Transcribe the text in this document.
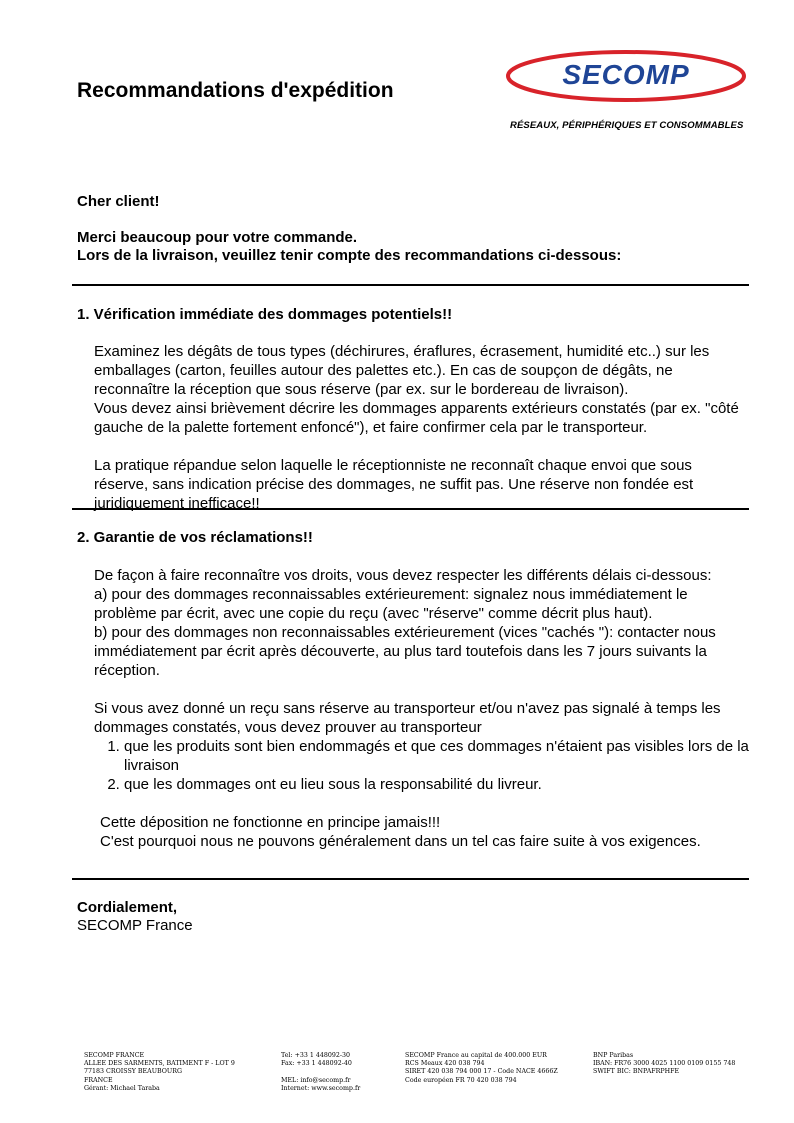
Recommandations d'expédition
SECOMP
RÉSEAUX, PÉRIPHÉRIQUES ET CONSOMMABLES
Cher client!
Merci beaucoup pour votre commande.
Lors de la livraison, veuillez tenir compte des recommandations ci-dessous:
1. Vérification immédiate des dommages potentiels!!

Examinez les dégâts de tous types (déchirures, éraflures, écrasement, humidité etc..) sur les emballages (carton, feuilles autour des palettes etc.). En cas de soupçon de dégâts, ne reconnaître la réception que sous réserve (par ex. sur le bordereau de livraison).

Vous devez ainsi brièvement décrire les dommages apparents extérieurs constatés (par ex. "côté gauche de la palette fortement enfoncé"), et faire confirmer cela par le transporteur.

La pratique répandue selon laquelle le réceptionniste ne reconnaît chaque envoi que sous réserve, sans indication précise des dommages, ne suffit pas. Une réserve non fondée est juridiquement inefficace!!

2. Garantie de vos réclamations!!

De façon à faire reconnaître vos droits, vous devez respecter les différents délais ci-dessous:

a) pour des dommages reconnaissables extérieurement: signalez nous immédiatement le problème par écrit, avec une copie du reçu (avec "réserve" comme décrit plus haut).

b) pour des dommages non reconnaissables extérieurement (vices "cachés "): contacter nous immédiatement par écrit après découverte, au plus tard toutefois dans les 7 jours suivants la réception.

Si vous avez donné un reçu sans réserve au transporteur et/ou n'avez pas signalé à temps les dommages constatés, vous devez prouver au transporteur

1. que les produits sont bien endommagés et que ces dommages n'étaient pas visibles lors de la livraison
2. que les dommages ont eu lieu sous la responsabilité du livreur.

Cette déposition ne fonctionne en principe jamais!!!

C'est pourquoi nous ne pouvons généralement dans un tel cas faire suite à vos exigences.

Cordialement,
SECOMP France
SECOMP FRANCE
ALLEE DES SARMENTS, BATIMENT F - LOT 9
77183 CROISSY BEAUBOURG
FRANCE
Gérant: Michael Taraba
Tel: +33 1 448092-30
Fax: +33 1 448092-40
MEL: info@secomp.fr
Internet: www.secomp.fr
SECOMP France au capital de 400.000 EUR
RCS Meaux 420 038 794
SIRET 420 038 794 000 17 - Code NACE 4666Z
Code européen FR 70 420 038 794
BNP Paribas
IBAN: FR76 3000 4025 1100 0109 0155 748
SWIFT BIC: BNPAFRPHFE
